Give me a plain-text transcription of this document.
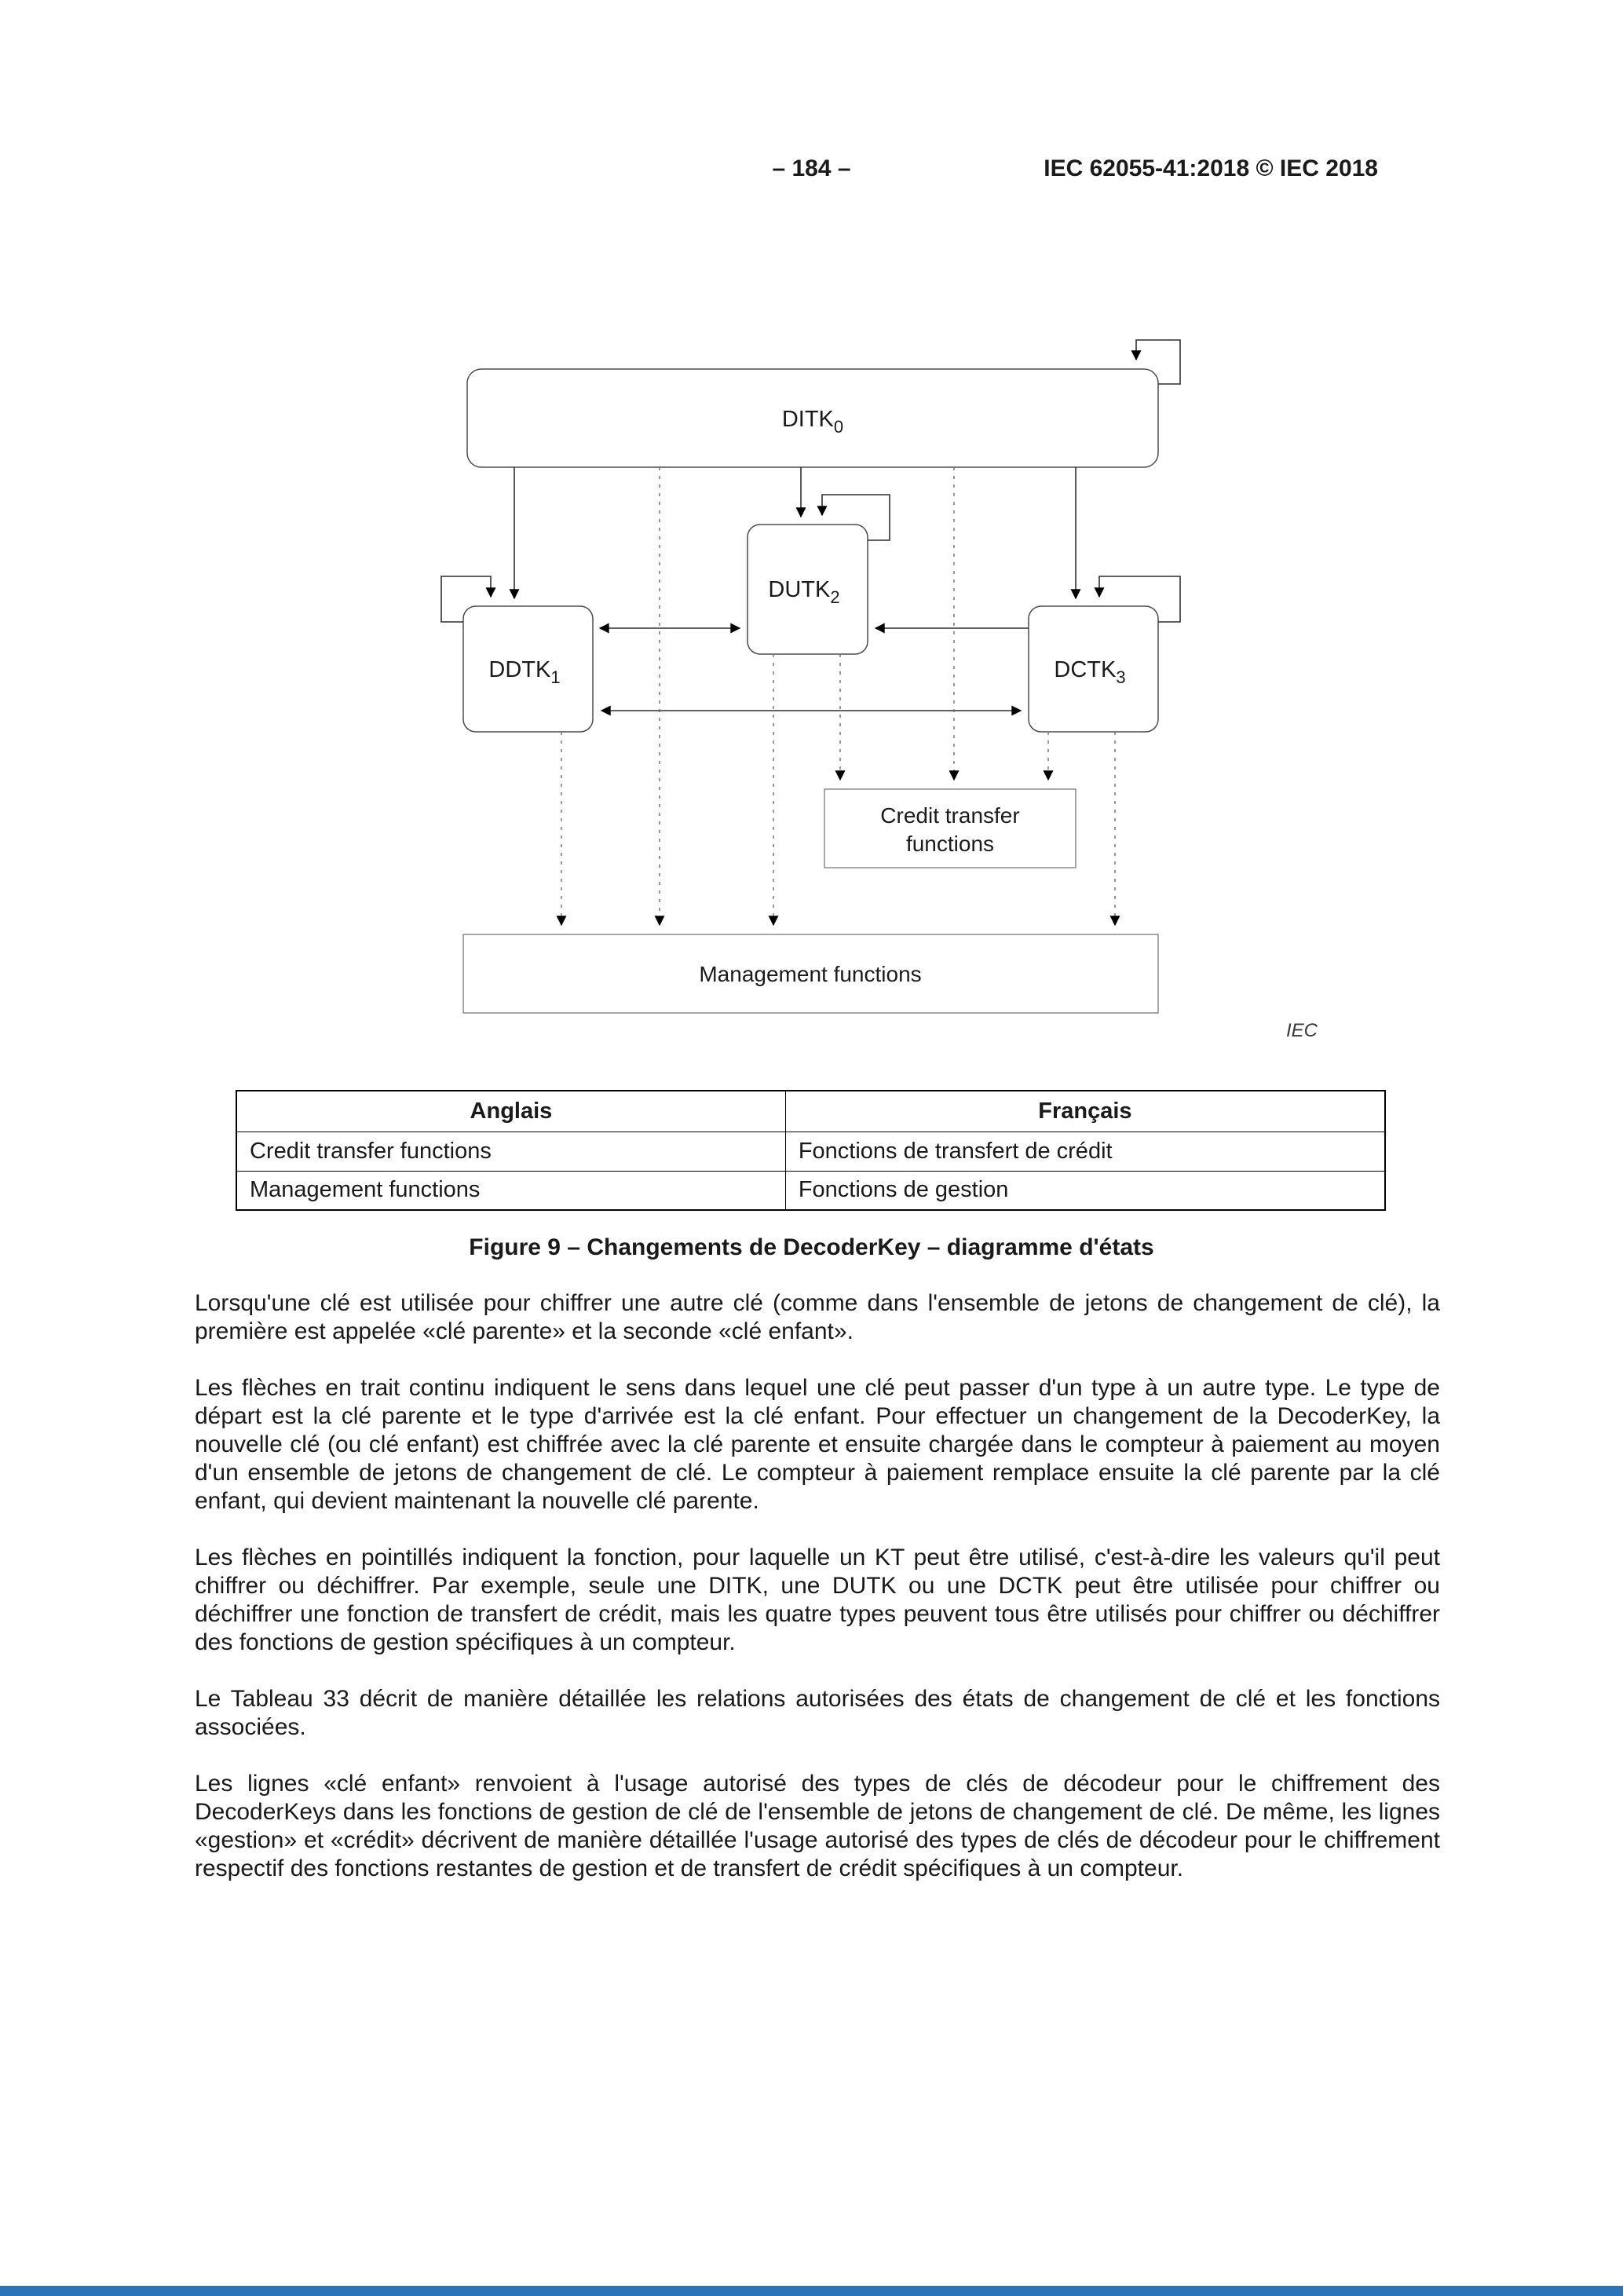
– 184 –	IEC 62055-41:2018 © IEC 2018
$DITK_0$
$DUTK_2$
$DDTK_1$	$DCTK_3$
Credit transfer
functions
Management functions
IEC
Anglais	Français
Credit transfer functions	Fonctions de transfert de crédit
Management functions	Fonctions de gestion
Figure 9 – Changements de DecoderKey – diagramme d'états

Lorsqu'une clé est utilisée pour chiffrer une autre clé (comme dans l'ensemble de jetons de changement de clé), la première est appelée «clé parente» et la seconde «clé enfant».

Les flèches en trait continu indiquent le sens dans lequel une clé peut passer d'un type à un autre type. Le type de départ est la clé parente et le type d'arrivée est la clé enfant. Pour effectuer un changement de la DecoderKey, la nouvelle clé (ou clé enfant) est chiffrée avec la clé parente et ensuite chargée dans le compteur à paiement au moyen d'un ensemble de jetons de changement de clé. Le compteur à paiement remplace ensuite la clé parente par la clé enfant, qui devient maintenant la nouvelle clé parente.

Les flèches en pointillés indiquent la fonction, pour laquelle un KT peut être utilisé, c'est-à-dire les valeurs qu'il peut chiffrer ou déchiffrer. Par exemple, seule une DITK, une DUTK ou une DCTK peut être utilisée pour chiffrer ou déchiffrer une fonction de transfert de crédit, mais les quatre types peuvent tous être utilisés pour chiffrer ou déchiffrer des fonctions de gestion spécifiques à un compteur.

Le Tableau 33 décrit de manière détaillée les relations autorisées des états de changement de clé et les fonctions associées.

Les lignes «clé enfant» renvoient à l'usage autorisé des types de clés de décodeur pour le chiffrement des DecoderKeys dans les fonctions de gestion de clé de l'ensemble de jetons de changement de clé. De même, les lignes «gestion» et «crédit» décrivent de manière détaillée l'usage autorisé des types de clés de décodeur pour le chiffrement respectif des fonctions restantes de gestion et de transfert de crédit spécifiques à un compteur.
